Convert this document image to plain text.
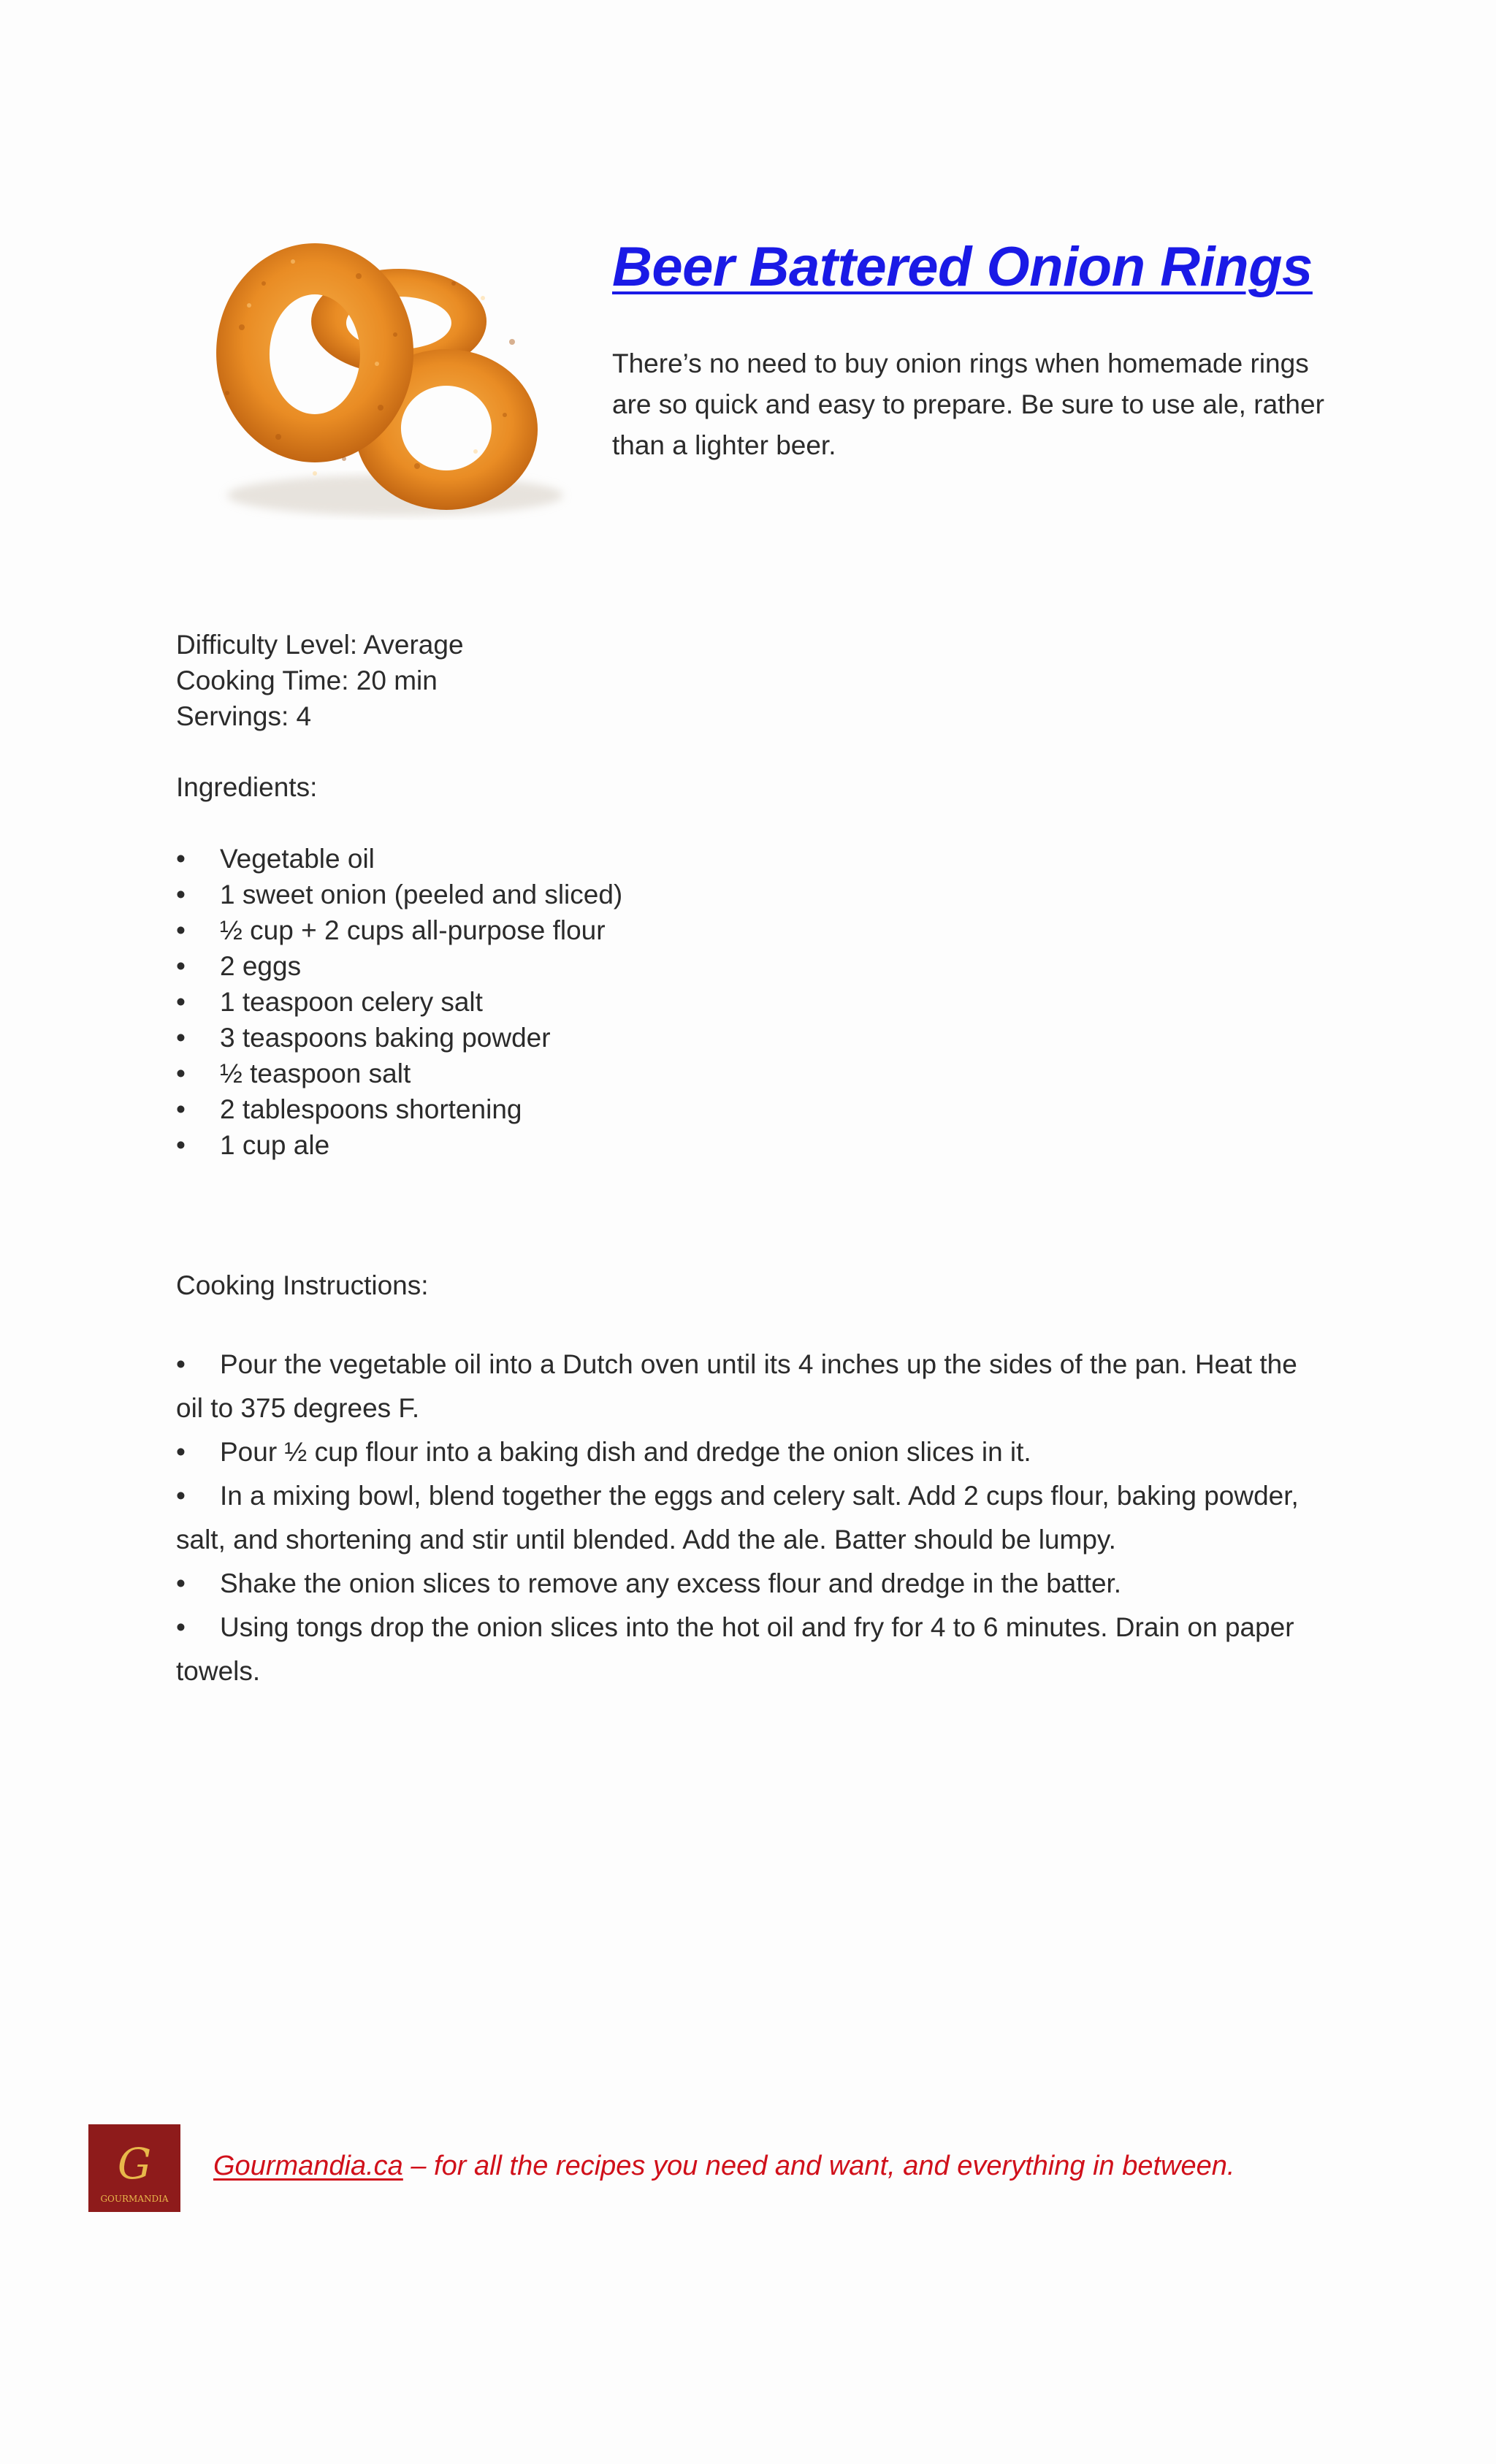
Beer Battered Onion Rings

There’s no need to buy onion rings when homemade rings are so quick and easy to prepare. Be sure to use ale, rather than a lighter beer.

Difficulty Level: Average
Cooking Time: 20 min
Servings: 4
Ingredients:
• Vegetable oil
• 1 sweet onion (peeled and sliced)
• ½ cup + 2 cups all-purpose flour
• 2 eggs
• 1 teaspoon celery salt
• 3 teaspoons baking powder
• ½ teaspoon salt
• 2 tablespoons shortening
• 1 cup ale
Cooking Instructions:
• Pour the vegetable oil into a Dutch oven until its 4 inches up the sides of the pan. Heat the oil to 375 degrees F.
• Pour ½ cup flour into a baking dish and dredge the onion slices in it.
• In a mixing bowl, blend together the eggs and celery salt. Add 2 cups flour, baking powder, salt, and shortening and stir until blended. Add the ale. Batter should be lumpy.
• Shake the onion slices to remove any excess flour and dredge in the batter.
• Using tongs drop the onion slices into the hot oil and fry for 4 to 6 minutes. Drain on paper towels.
G
GOURMANDIA
Gourmandia.ca – for all the recipes you need and want, and everything in between.
